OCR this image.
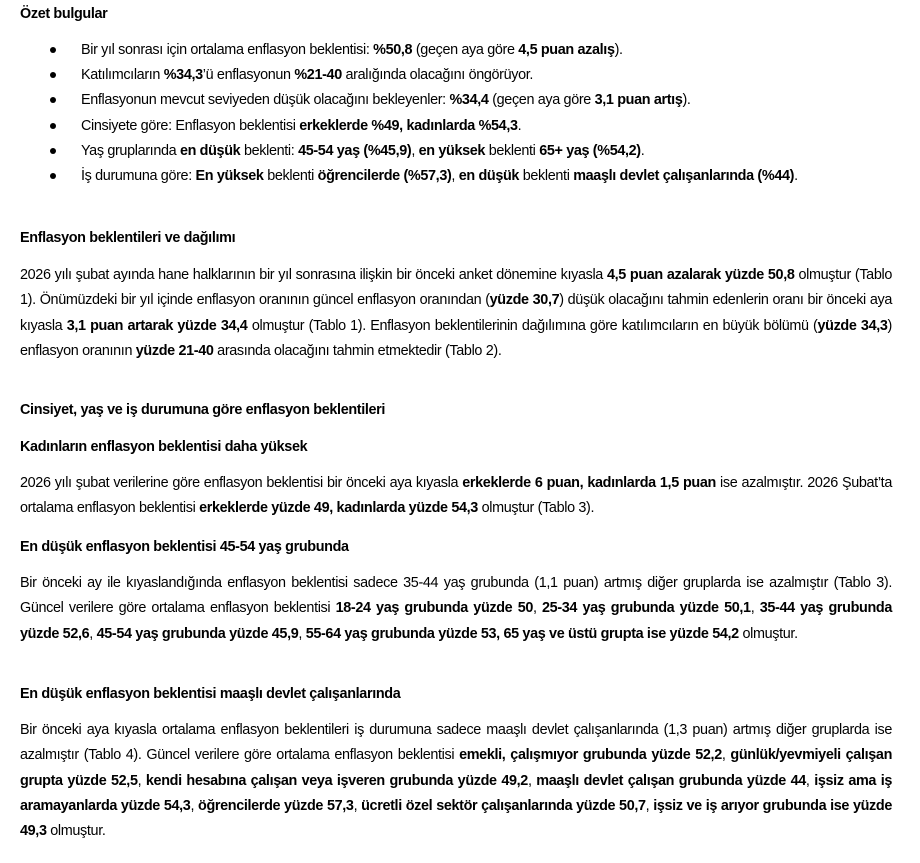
Özet bulgular
Bir yıl sonrası için ortalama enflasyon beklentisi: %50,8 (geçen aya göre 4,5 puan azalış).
Katılımcıların %34,3’ü enflasyonun %21-40 aralığında olacağını öngörüyor.
Enflasyonun mevcut seviyeden düşük olacağını bekleyenler: %34,4 (geçen aya göre 3,1 puan artış).
Cinsiyete göre: Enflasyon beklentisi erkeklerde %49, kadınlarda %54,3.
Yaş gruplarında en düşük beklenti: 45-54 yaş (%45,9), en yüksek beklenti 65+ yaş (%54,2).
İş durumuna göre: En yüksek beklenti öğrencilerde (%57,3), en düşük beklenti maaşlı devlet çalışanlarında (%44).
Enflasyon beklentileri ve dağılımı

2026 yılı şubat ayında hane halklarının bir yıl sonrasına ilişkin bir önceki anket dönemine kıyasla 4,5 puan azalarak yüzde 50,8 olmuştur (Tablo 1). Önümüzdeki bir yıl içinde enflasyon oranının güncel enflasyon oranından (yüzde 30,7) düşük olacağını tahmin edenlerin oranı bir önceki aya kıyasla 3,1 puan artarak yüzde 34,4 olmuştur (Tablo 1). Enflasyon beklentilerinin dağılımına göre katılımcıların en büyük bölümü (yüzde 34,3) enflasyon oranının yüzde 21-40 arasında olacağını tahmin etmektedir (Tablo 2).

Cinsiyet, yaş ve iş durumuna göre enflasyon beklentileri
Kadınların enflasyon beklentisi daha yüksek

2026 yılı şubat verilerine göre enflasyon beklentisi bir önceki aya kıyasla erkeklerde 6 puan, kadınlarda 1,5 puan ise azalmıştır. 2026 Şubat’ta ortalama enflasyon beklentisi erkeklerde yüzde 49, kadınlarda yüzde 54,3 olmuştur (Tablo 3).

En düşük enflasyon beklentisi 45-54 yaş grubunda

Bir önceki ay ile kıyaslandığında enflasyon beklentisi sadece 35-44 yaş grubunda (1,1 puan) artmış diğer gruplarda ise azalmıştır (Tablo 3). Güncel verilere göre ortalama enflasyon beklentisi 18-24 yaş grubunda yüzde 50, 25-34 yaş grubunda yüzde 50,1, 35-44 yaş grubunda yüzde 52,6, 45-54 yaş grubunda yüzde 45,9, 55-64 yaş grubunda yüzde 53, 65 yaş ve üstü grupta ise yüzde 54,2 olmuştur.

En düşük enflasyon beklentisi maaşlı devlet çalışanlarında

Bir önceki aya kıyasla ortalama enflasyon beklentileri iş durumuna sadece maaşlı devlet çalışanlarında (1,3 puan) artmış diğer gruplarda ise azalmıştır (Tablo 4). Güncel verilere göre ortalama enflasyon beklentisi emekli, çalışmıyor grubunda yüzde 52,2, günlük/yevmiyeli çalışan grupta yüzde 52,5, kendi hesabına çalışan veya işveren grubunda yüzde 49,2, maaşlı devlet çalışan grubunda yüzde 44, işsiz ama iş aramayanlarda yüzde 54,3, öğrencilerde yüzde 57,3, ücretli özel sektör çalışanlarında yüzde 50,7, işsiz ve iş arıyor grubunda ise yüzde 49,3 olmuştur.
